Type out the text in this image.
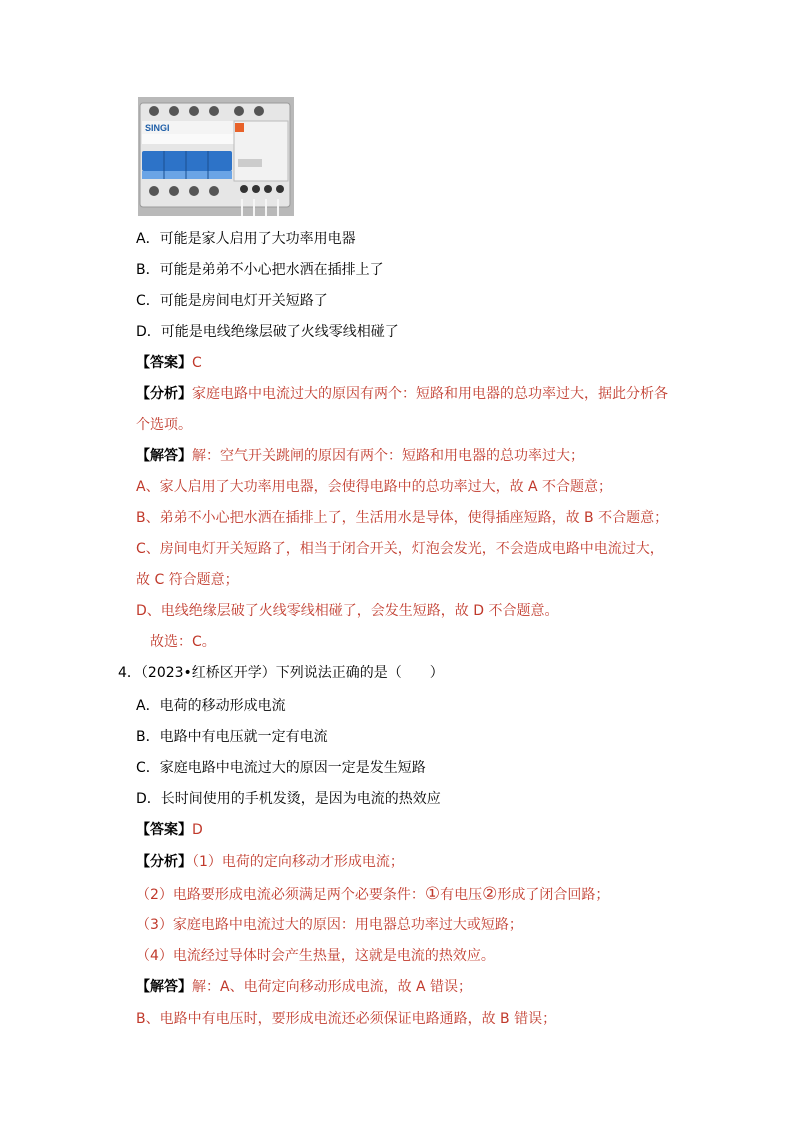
SINGI
A．可能是家人启用了大功率用电器
B．可能是弟弟不小心把水洒在插排上了
C．可能是房间电灯开关短路了
D．可能是电线绝缘层破了火线零线相碰了
【答案】C
【分析】家庭电路中电流过大的原因有两个：短路和用电器的总功率过大，据此分析各
个选项。
【解答】解：空气开关跳闸的原因有两个：短路和用电器的总功率过大；
A、家人启用了大功率用电器，会使得电路中的总功率过大，故 A 不合题意；
B、弟弟不小心把水洒在插排上了，生活用水是导体，使得插座短路，故 B 不合题意；
C、房间电灯开关短路了，相当于闭合开关，灯泡会发光，不会造成电路中电流过大，
故 C 符合题意；
D、电线绝缘层破了火线零线相碰了，会发生短路，故 D 不合题意。
故选：C。
4．（2023•红桥区开学）下列说法正确的是（　　）
A．电荷的移动形成电流
B．电路中有电压就一定有电流
C．家庭电路中电流过大的原因一定是发生短路
D．长时间使用的手机发烫，是因为电流的热效应
【答案】D
【分析】（1）电荷的定向移动才形成电流；
（2）电路要形成电流必须满足两个必要条件：①有电压②形成了闭合回路；
（3）家庭电路中电流过大的原因：用电器总功率过大或短路；
（4）电流经过导体时会产生热量，这就是电流的热效应。
【解答】解：A、电荷定向移动形成电流，故 A 错误；
B、电路中有电压时，要形成电流还必须保证电路通路，故 B 错误；
